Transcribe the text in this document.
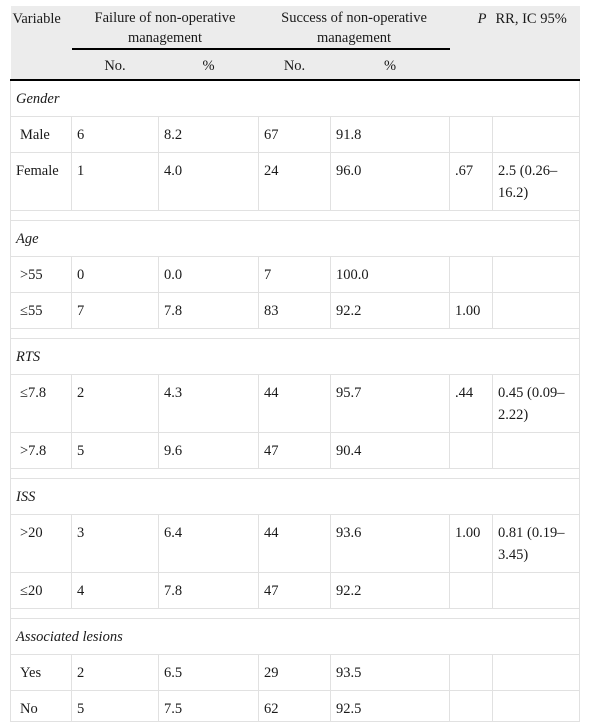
Variable	Failure of non-operative management		Success of non-operative management		P	RR, IC 95%
	No.	%	No.	%		
Gender						
Male	6	8.2	67	91.8		
Female	1	4.0	24	96.0	.67	2.5 (0.26–16.2)

Age						
>55	0	0.0	7	100.0		
≤55	7	7.8	83	92.2	1.00	

RTS						
≤7.8	2	4.3	44	95.7	.44	0.45 (0.09–2.22)
>7.8	5	9.6	47	90.4		

ISS						
>20	3	6.4	44	93.6	1.00	0.81 (0.19–3.45)
≤20	4	7.8	47	92.2		

Associated lesions						
Yes	2	6.5	29	93.5		
No	5	7.5	62	92.5		
